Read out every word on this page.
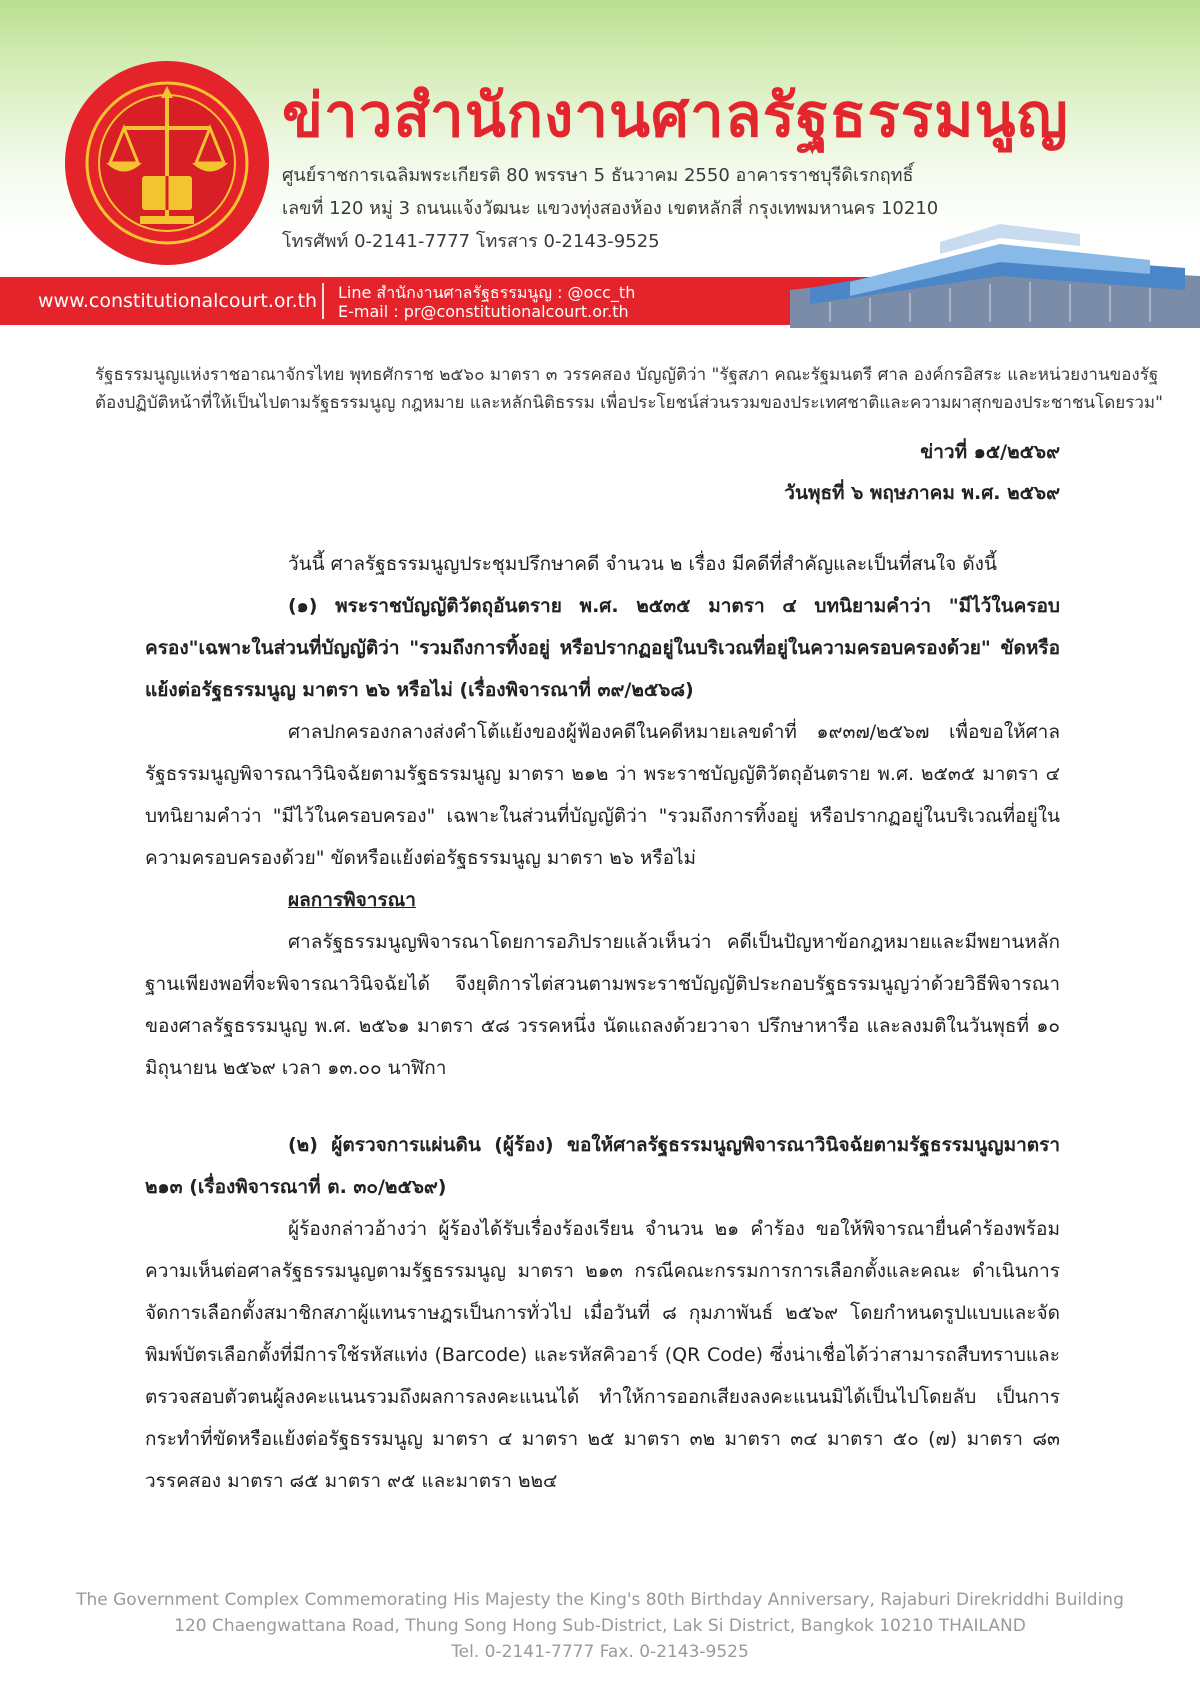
ข่าวสำนักงานศาลรัฐธรรมนูญ
ศูนย์ราชการเฉลิมพระเกียรติ 80 พรรษา 5 ธันวาคม 2550 อาคารราชบุรีดิเรกฤทธิ์
เลขที่ 120 หมู่ 3 ถนนแจ้งวัฒนะ แขวงทุ่งสองห้อง เขตหลักสี่ กรุงเทพมหานคร 10210
โทรศัพท์ 0-2141-7777 โทรสาร 0-2143-9525
www.constitutionalcourt.or.th Line สำนักงานศาลรัฐธรรมนูญ : @occ_th
E-mail : pr@constitutionalcourt.or.th
รัฐธรรมนูญแห่งราชอาณาจักรไทย พุทธศักราช ๒๕๖๐ มาตรา ๓ วรรคสอง บัญญัติว่า "รัฐสภา คณะรัฐมนตรี ศาล องค์กรอิสระ และหน่วยงานของรัฐ
ต้องปฏิบัติหน้าที่ให้เป็นไปตามรัฐธรรมนูญ กฎหมาย และหลักนิติธรรม เพื่อประโยชน์ส่วนรวมของประเทศชาติและความผาสุกของประชาชนโดยรวม"
ข่าวที่ ๑๕/๒๕๖๙
วันพุธที่ ๖ พฤษภาคม พ.ศ. ๒๕๖๙

วันนี้ ศาลรัฐธรรมนูญประชุมปรึกษาคดี จำนวน ๒ เรื่อง มีคดีที่สำคัญและเป็นที่สนใจ ดังนี้

(๑) พระราชบัญญัติวัตถุอันตราย พ.ศ. ๒๕๓๕ มาตรา ๔ บทนิยามคำว่า "มีไว้ในครอบครอง"เฉพาะในส่วนที่บัญญัติว่า "รวมถึงการทิ้งอยู่ หรือปรากฏอยู่ในบริเวณที่อยู่ในความครอบครองด้วย" ขัดหรือแย้งต่อรัฐธรรมนูญ มาตรา ๒๖ หรือไม่ (เรื่องพิจารณาที่ ๓๙/๒๕๖๘)

ศาลปกครองกลางส่งคำโต้แย้งของผู้ฟ้องคดีในคดีหมายเลขดำที่ ๑๙๓๗/๒๕๖๗ เพื่อขอให้ศาลรัฐธรรมนูญพิจารณาวินิจฉัยตามรัฐธรรมนูญ มาตรา ๒๑๒ ว่า พระราชบัญญัติวัตถุอันตราย พ.ศ. ๒๕๓๕ มาตรา ๔ บทนิยามคำว่า "มีไว้ในครอบครอง" เฉพาะในส่วนที่บัญญัติว่า "รวมถึงการทิ้งอยู่ หรือปรากฏอยู่ในบริเวณที่อยู่ในความครอบครองด้วย" ขัดหรือแย้งต่อรัฐธรรมนูญ มาตรา ๒๖ หรือไม่

ผลการพิจารณา

ศาลรัฐธรรมนูญพิจารณาโดยการอภิปรายแล้วเห็นว่า คดีเป็นปัญหาข้อกฎหมายและมีพยานหลักฐานเพียงพอที่จะพิจารณาวินิจฉัยได้ จึงยุติการไต่สวนตามพระราชบัญญัติประกอบรัฐธรรมนูญว่าด้วยวิธีพิจารณาของศาลรัฐธรรมนูญ พ.ศ. ๒๕๖๑ มาตรา ๕๘ วรรคหนึ่ง นัดแถลงด้วยวาจา ปรึกษาหารือ และลงมติในวันพุธที่ ๑๐ มิถุนายน ๒๕๖๙ เวลา ๑๓.๐๐ นาฬิกา

(๒) ผู้ตรวจการแผ่นดิน (ผู้ร้อง) ขอให้ศาลรัฐธรรมนูญพิจารณาวินิจฉัยตามรัฐธรรมนูญมาตรา ๒๑๓ (เรื่องพิจารณาที่ ต. ๓๐/๒๕๖๙)

ผู้ร้องกล่าวอ้างว่า ผู้ร้องได้รับเรื่องร้องเรียน จำนวน ๒๑ คำร้อง ขอให้พิจารณายื่นคำร้องพร้อมความเห็นต่อศาลรัฐธรรมนูญตามรัฐธรรมนูญ มาตรา ๒๑๓ กรณีคณะกรรมการการเลือกตั้งและคณะ ดำเนินการจัดการเลือกตั้งสมาชิกสภาผู้แทนราษฎรเป็นการทั่วไป เมื่อวันที่ ๘ กุมภาพันธ์ ๒๕๖๙ โดยกำหนดรูปแบบและจัดพิมพ์บัตรเลือกตั้งที่มีการใช้รหัสแท่ง (Barcode) และรหัสคิวอาร์ (QR Code) ซึ่งน่าเชื่อได้ว่าสามารถสืบทราบและตรวจสอบตัวตนผู้ลงคะแนนรวมถึงผลการลงคะแนนได้ ทำให้การออกเสียงลงคะแนนมิได้เป็นไปโดยลับ เป็นการกระทำที่ขัดหรือแย้งต่อรัฐธรรมนูญ มาตรา ๔ มาตรา ๒๕ มาตรา ๓๒ มาตรา ๓๔ มาตรา ๕๐ (๗) มาตรา ๘๓ วรรคสอง มาตรา ๘๕ มาตรา ๙๕ และมาตรา ๒๒๔

The Government Complex Commemorating His Majesty the King's 80th Birthday Anniversary, Rajaburi Direkriddhi Building
120 Chaengwattana Road, Thung Song Hong Sub-District, Lak Si District, Bangkok 10210 THAILAND
Tel. 0-2141-7777 Fax. 0-2143-9525
